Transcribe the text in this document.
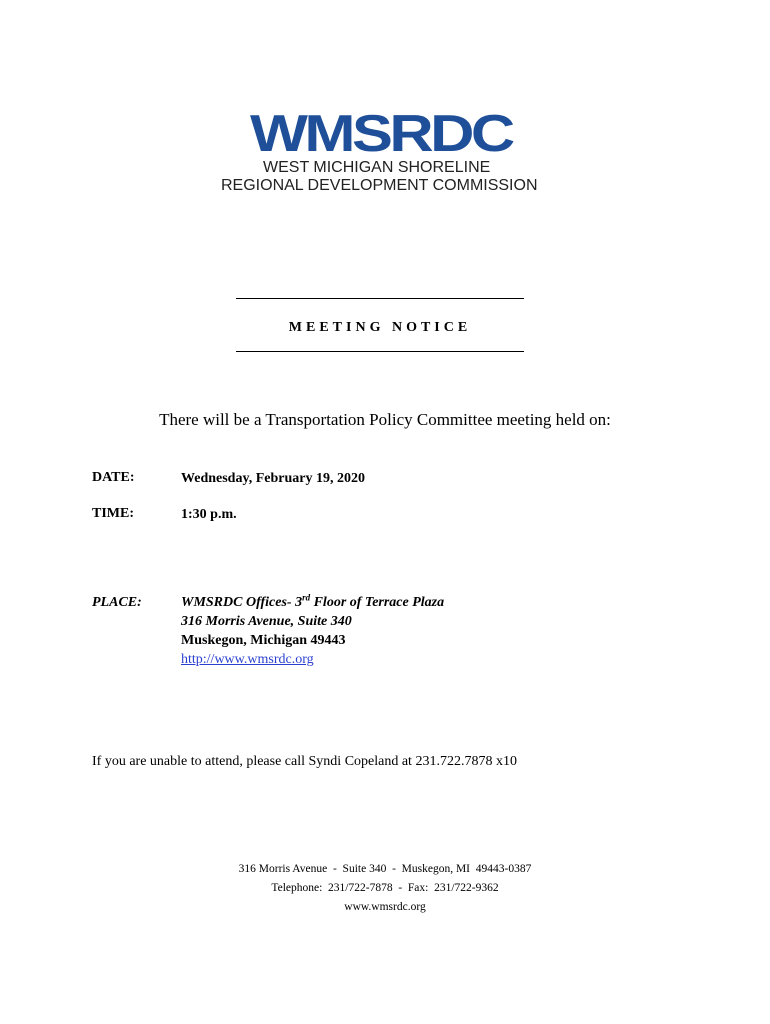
WMSRDC
WEST MICHIGAN SHORELINE
REGIONAL DEVELOPMENT COMMISSION
MEETING NOTICE
There will be a Transportation Policy Committee meeting held on:
DATE:	Wednesday, February 19, 2020
TIME:	1:30 p.m.
PLACE:	WMSRDC Offices- 3rd Floor of Terrace Plaza
316 Morris Avenue, Suite 340
Muskegon, Michigan 49443
http://www.wmsrdc.org
If you are unable to attend, please call Syndi Copeland at 231.722.7878 x10
316 Morris Avenue  -  Suite 340  -  Muskegon, MI  49443-0387
Telephone:  231/722-7878  -  Fax:  231/722-9362
www.wmsrdc.org
